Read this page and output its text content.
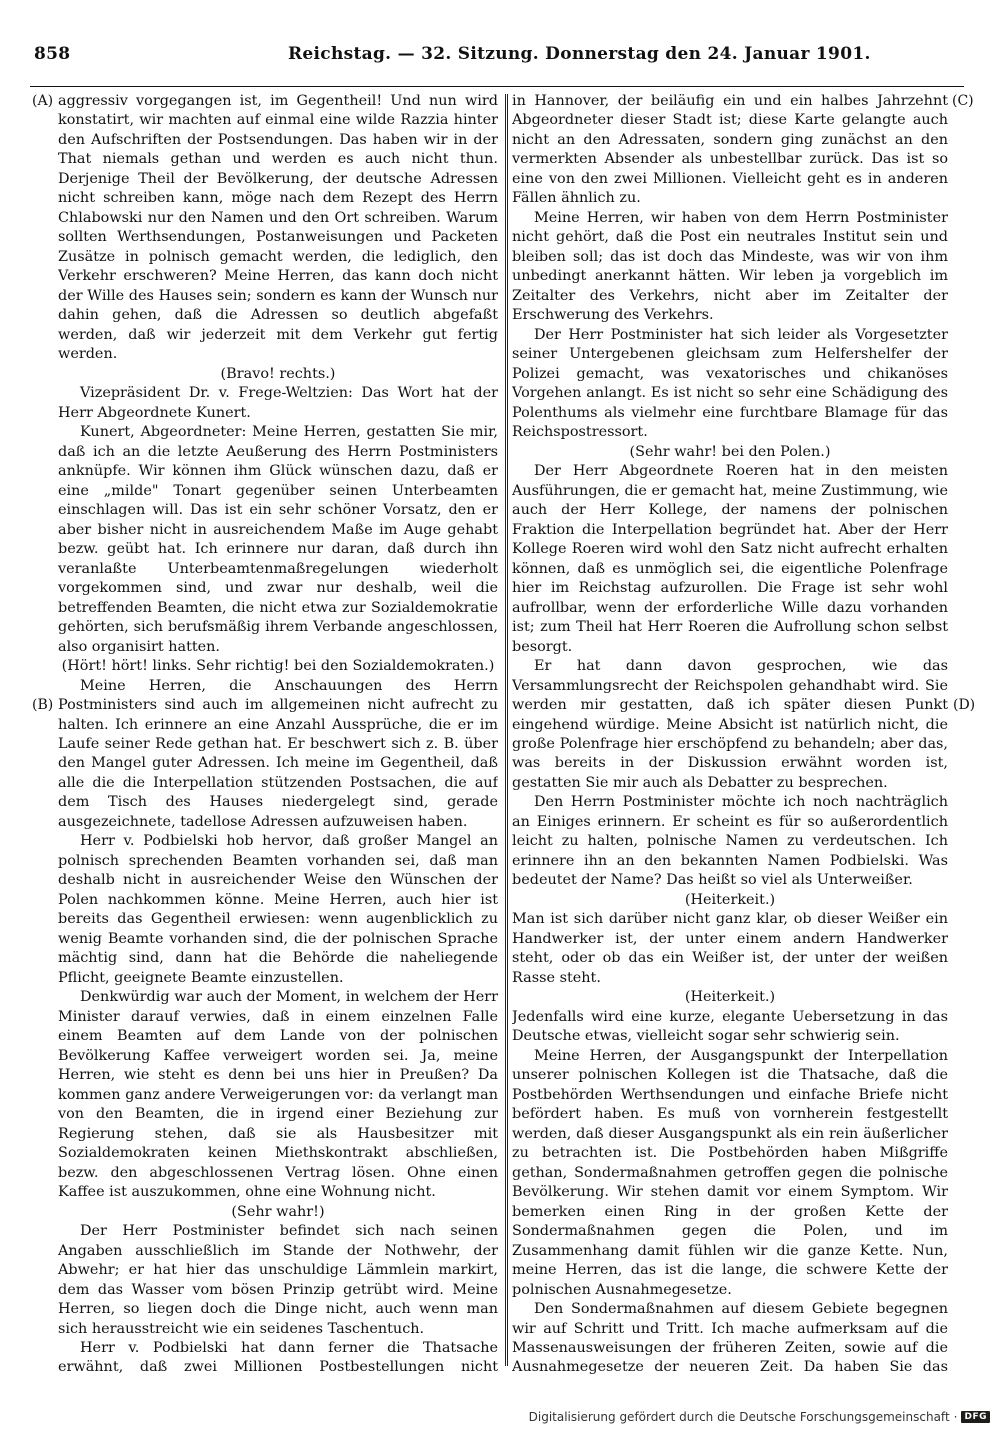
858	Reichstag. — 32. Sitzung. Donnerstag den 24. Januar 1901.
(A)
(B)
(C)
(D)

aggressiv vorgegangen ist, im Gegentheil! Und nun wird konstatirt, wir machten auf einmal eine wilde Razzia hinter den Aufschriften der Postsendungen. Das haben wir in der That niemals gethan und werden es auch nicht thun. Derjenige Theil der Bevölkerung, der deutsche Adressen nicht schreiben kann, möge nach dem Rezept des Herrn Chlabowski nur den Namen und den Ort schreiben. Warum sollten Werthsendungen, Postanweisungen und Packeten Zusätze in polnisch gemacht werden, die lediglich, den Verkehr erschweren? Meine Herren, das kann doch nicht der Wille des Hauses sein; sondern es kann der Wunsch nur dahin gehen, daß die Adressen so deutlich abgefaßt werden, daß wir jederzeit mit dem Verkehr gut fertig werden.

(Bravo! rechts.)

Vizepräsident Dr. v. Frege-Weltzien: Das Wort hat der Herr Abgeordnete Kunert.

Kunert, Abgeordneter: Meine Herren, gestatten Sie mir, daß ich an die letzte Aeußerung des Herrn Postministers anknüpfe. Wir können ihm Glück wünschen dazu, daß er eine „milde" Tonart gegenüber seinen Unterbeamten einschlagen will. Das ist ein sehr schöner Vorsatz, den er aber bisher nicht in ausreichendem Maße im Auge gehabt bezw. geübt hat. Ich erinnere nur daran, daß durch ihn veranlaßte Unterbeamtenmaßregelungen wiederholt vorgekommen sind, und zwar nur deshalb, weil die betreffenden Beamten, die nicht etwa zur Sozialdemokratie gehörten, sich berufsmäßig ihrem Verbande angeschlossen, also organisirt hatten.

(Hört! hört! links. Sehr richtig! bei den Sozialdemokraten.)

Meine Herren, die Anschauungen des Herrn Postministers sind auch im allgemeinen nicht aufrecht zu halten. Ich erinnere an eine Anzahl Aussprüche, die er im Laufe seiner Rede gethan hat. Er beschwert sich z. B. über den Mangel guter Adressen. Ich meine im Gegentheil, daß alle die die Interpellation stützenden Postsachen, die auf dem Tisch des Hauses niedergelegt sind, gerade ausgezeichnete, tadellose Adressen aufzuweisen haben.

Herr v. Podbielski hob hervor, daß großer Mangel an polnisch sprechenden Beamten vorhanden sei, daß man deshalb nicht in ausreichender Weise den Wünschen der Polen nachkommen könne. Meine Herren, auch hier ist bereits das Gegentheil erwiesen: wenn augenblicklich zu wenig Beamte vorhanden sind, die der polnischen Sprache mächtig sind, dann hat die Behörde die naheliegende Pflicht, geeignete Beamte einzustellen.

Denkwürdig war auch der Moment, in welchem der Herr Minister darauf verwies, daß in einem einzelnen Falle einem Beamten auf dem Lande von der polnischen Bevölkerung Kaffee verweigert worden sei. Ja, meine Herren, wie steht es denn bei uns hier in Preußen? Da kommen ganz andere Verweigerungen vor: da verlangt man von den Beamten, die in irgend einer Beziehung zur Regierung stehen, daß sie als Hausbesitzer mit Sozialdemokraten keinen Miethskontrakt abschließen, bezw. den abgeschlossenen Vertrag lösen. Ohne einen Kaffee ist auszukommen, ohne eine Wohnung nicht.

(Sehr wahr!)

Der Herr Postminister befindet sich nach seinen Angaben ausschließlich im Stande der Nothwehr, der Abwehr; er hat hier das unschuldige Lämmlein markirt, dem das Wasser vom bösen Prinzip getrübt wird. Meine Herren, so liegen doch die Dinge nicht, auch wenn man sich herausstreicht wie ein seidenes Taschentuch.

Herr v. Podbielski hat dann ferner die Thatsache erwähnt, daß zwei Millionen Postbestellungen nicht

in Hannover, der beiläufig ein und ein halbes Jahrzehnt Abgeordneter dieser Stadt ist; diese Karte gelangte auch nicht an den Adressaten, sondern ging zunächst an den vermerkten Absender als unbestellbar zurück. Das ist so eine von den zwei Millionen. Vielleicht geht es in anderen Fällen ähnlich zu.

Meine Herren, wir haben von dem Herrn Postminister nicht gehört, daß die Post ein neutrales Institut sein und bleiben soll; das ist doch das Mindeste, was wir von ihm unbedingt anerkannt hätten. Wir leben ja vorgeblich im Zeitalter des Verkehrs, nicht aber im Zeitalter der Erschwerung des Verkehrs.

Der Herr Postminister hat sich leider als Vorgesetzter seiner Untergebenen gleichsam zum Helfershelfer der Polizei gemacht, was vexatorisches und chikanöses Vorgehen anlangt. Es ist nicht so sehr eine Schädigung des Polenthums als vielmehr eine furchtbare Blamage für das Reichspostressort.

(Sehr wahr! bei den Polen.)

Der Herr Abgeordnete Roeren hat in den meisten Ausführungen, die er gemacht hat, meine Zustimmung, wie auch der Herr Kollege, der namens der polnischen Fraktion die Interpellation begründet hat. Aber der Herr Kollege Roeren wird wohl den Satz nicht aufrecht erhalten können, daß es unmöglich sei, die eigentliche Polenfrage hier im Reichstag aufzurollen. Die Frage ist sehr wohl aufrollbar, wenn der erforderliche Wille dazu vorhanden ist; zum Theil hat Herr Roeren die Aufrollung schon selbst besorgt.

Er hat dann davon gesprochen, wie das Versammlungsrecht der Reichspolen gehandhabt wird. Sie werden mir gestatten, daß ich später diesen Punkt eingehend würdige. Meine Absicht ist natürlich nicht, die große Polenfrage hier erschöpfend zu behandeln; aber das, was bereits in der Diskussion erwähnt worden ist, gestatten Sie mir auch als Debatter zu besprechen.

Den Herrn Postminister möchte ich noch nachträglich an Einiges erinnern. Er scheint es für so außerordentlich leicht zu halten, polnische Namen zu verdeutschen. Ich erinnere ihn an den bekannten Namen Podbielski. Was bedeutet der Name? Das heißt so viel als Unterweißer.

(Heiterkeit.)

Man ist sich darüber nicht ganz klar, ob dieser Weißer ein Handwerker ist, der unter einem andern Handwerker steht, oder ob das ein Weißer ist, der unter der weißen Rasse steht.

(Heiterkeit.)

Jedenfalls wird eine kurze, elegante Uebersetzung in das Deutsche etwas, vielleicht sogar sehr schwierig sein.

Meine Herren, der Ausgangspunkt der Interpellation unserer polnischen Kollegen ist die Thatsache, daß die Postbehörden Werthsendungen und einfache Briefe nicht befördert haben. Es muß von vornherein festgestellt werden, daß dieser Ausgangspunkt als ein rein äußerlicher zu betrachten ist. Die Postbehörden haben Mißgriffe gethan, Sondermaßnahmen getroffen gegen die polnische Bevölkerung. Wir stehen damit vor einem Symptom. Wir bemerken einen Ring in der großen Kette der Sondermaßnahmen gegen die Polen, und im Zusammenhang damit fühlen wir die ganze Kette. Nun, meine Herren, das ist die lange, die schwere Kette der polnischen Ausnahmegesetze.

Den Sondermaßnahmen auf diesem Gebiete begegnen wir auf Schritt und Tritt. Ich mache aufmerksam auf die Massenausweisungen der früheren Zeiten, sowie auf die Ausnahmegesetze der neueren Zeit. Da haben Sie das

Digitalisierung gefördert durch die Deutsche Forschungsgemeinschaft · DFG
